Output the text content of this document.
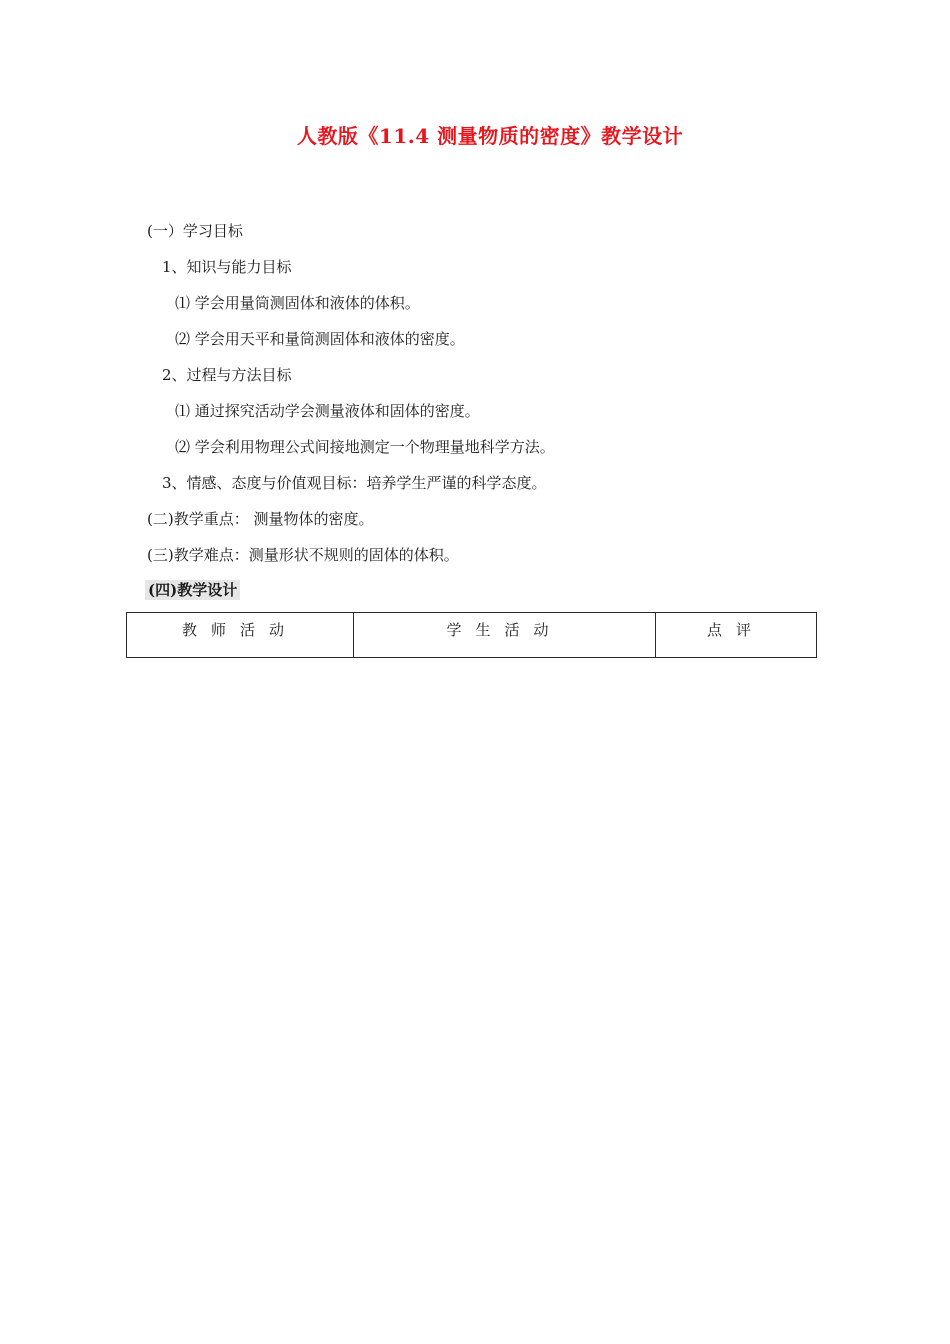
人教版《11.4 测量物质的密度》教学设计
(一）学习目标
1、知识与能力目标
⑴ 学会用量筒测固体和液体的体积。
⑵ 学会用天平和量筒测固体和液体的密度。
2、过程与方法目标
⑴ 通过探究活动学会测量液体和固体的密度。
⑵ 学会利用物理公式间接地测定一个物理量地科学方法。
3、情感、态度与价值观目标：培养学生严谨的科学态度。
(二)教学重点： 测量物体的密度。
(三)教学难点：测量形状不规则的固体的体积。
(四)教学设计
教师活动	学生活动	点评
